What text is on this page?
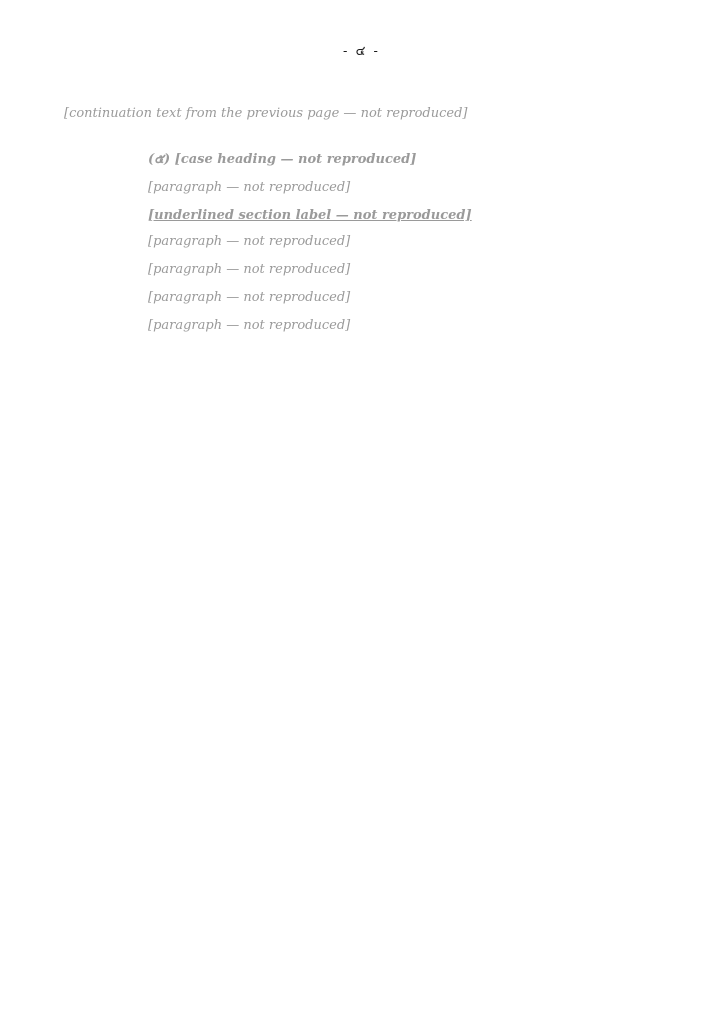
- ๔ -

[continuation text from the previous page — not reproduced]

(๕) [case heading — not reproduced]

[paragraph — not reproduced]

[underlined section label — not reproduced]

[paragraph — not reproduced]

[paragraph — not reproduced]

[paragraph — not reproduced]

[paragraph — not reproduced]
